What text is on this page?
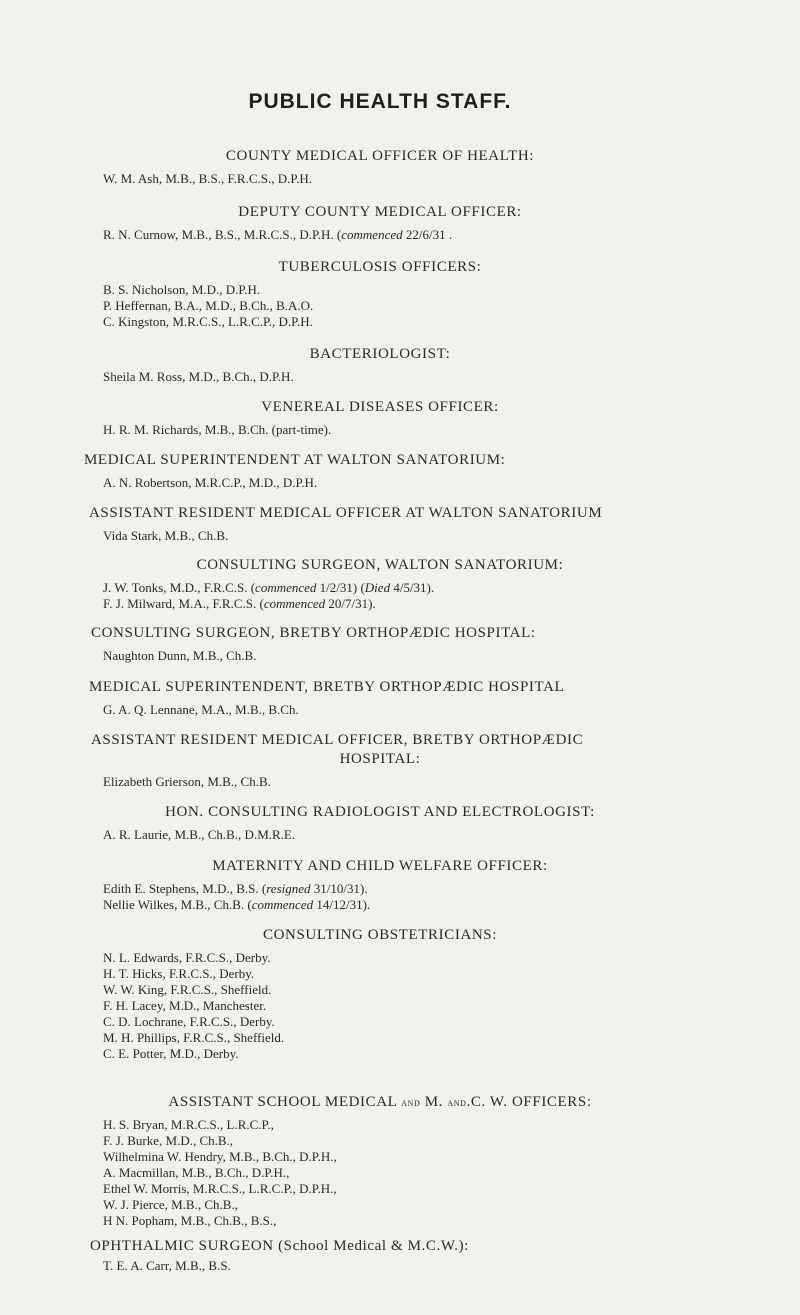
PUBLIC HEALTH STAFF.
COUNTY MEDICAL OFFICER OF HEALTH:
W. M. Ash, M.B., B.S., F.R.C.S., D.P.H.
DEPUTY COUNTY MEDICAL OFFICER:
R. N. Curnow, M.B., B.S., M.R.C.S., D.P.H. (commenced 22/6/31 .
TUBERCULOSIS OFFICERS:
B. S. Nicholson, M.D., D.P.H.
P. Heffernan, B.A., M.D., B.Ch., B.A.O.
C. Kingston, M.R.C.S., L.R.C.P., D.P.H.
BACTERIOLOGIST:
Sheila M. Ross, M.D., B.Ch., D.P.H.
VENEREAL DISEASES OFFICER:
H. R. M. Richards, M.B., B.Ch. (part-time).
MEDICAL SUPERINTENDENT AT WALTON SANATORIUM:
A. N. Robertson, M.R.C.P., M.D., D.P.H.
ASSISTANT RESIDENT MEDICAL OFFICER AT WALTON SANATORIUM
Vida Stark, M.B., Ch.B.
CONSULTING SURGEON, WALTON SANATORIUM:
J. W. Tonks, M.D., F.R.C.S. (commenced 1/2/31) (Died 4/5/31).
F. J. Milward, M.A., F.R.C.S. (commenced 20/7/31).
CONSULTING SURGEON, BRETBY ORTHOPÆDIC HOSPITAL:
Naughton Dunn, M.B., Ch.B.
MEDICAL SUPERINTENDENT, BRETBY ORTHOPÆDIC HOSPITAL
G. A. Q. Lennane, M.A., M.B., B.Ch.
ASSISTANT RESIDENT MEDICAL OFFICER, BRETBY ORTHOPÆDIC
HOSPITAL:
Elizabeth Grierson, M.B., Ch.B.
HON. CONSULTING RADIOLOGIST AND ELECTROLOGIST:
A. R. Laurie, M.B., Ch.B., D.M.R.E.
MATERNITY AND CHILD WELFARE OFFICER:
Edith E. Stephens, M.D., B.S. (resigned 31/10/31).
Nellie Wilkes, M.B., Ch.B. (commenced 14/12/31).
CONSULTING OBSTETRICIANS:
N. L. Edwards, F.R.C.S., Derby.
H. T. Hicks, F.R.C.S., Derby.
W. W. King, F.R.C.S., Sheffield.
F. H. Lacey, M.D., Manchester.
C. D. Lochrane, F.R.C.S., Derby.
M. H. Phillips, F.R.C.S., Sheffield.
C. E. Potter, M.D., Derby.
ASSISTANT SCHOOL MEDICAL and M. and.C. W. OFFICERS:
H. S. Bryan, M.R.C.S., L.R.C.P.,
F. J. Burke, M.D., Ch.B.,
Wilhelmina W. Hendry, M.B., B.Ch., D.P.H.,
A. Macmillan, M.B., B.Ch., D.P.H.,
Ethel W. Morris, M.R.C.S., L.R.C.P., D.P.H.,
W. J. Pierce, M.B., Ch.B.,
H N. Popham, M.B., Ch.B., B.S.,
OPHTHALMIC SURGEON (School Medical & M.C.W.):
T. E. A. Carr, M.B., B.S.
